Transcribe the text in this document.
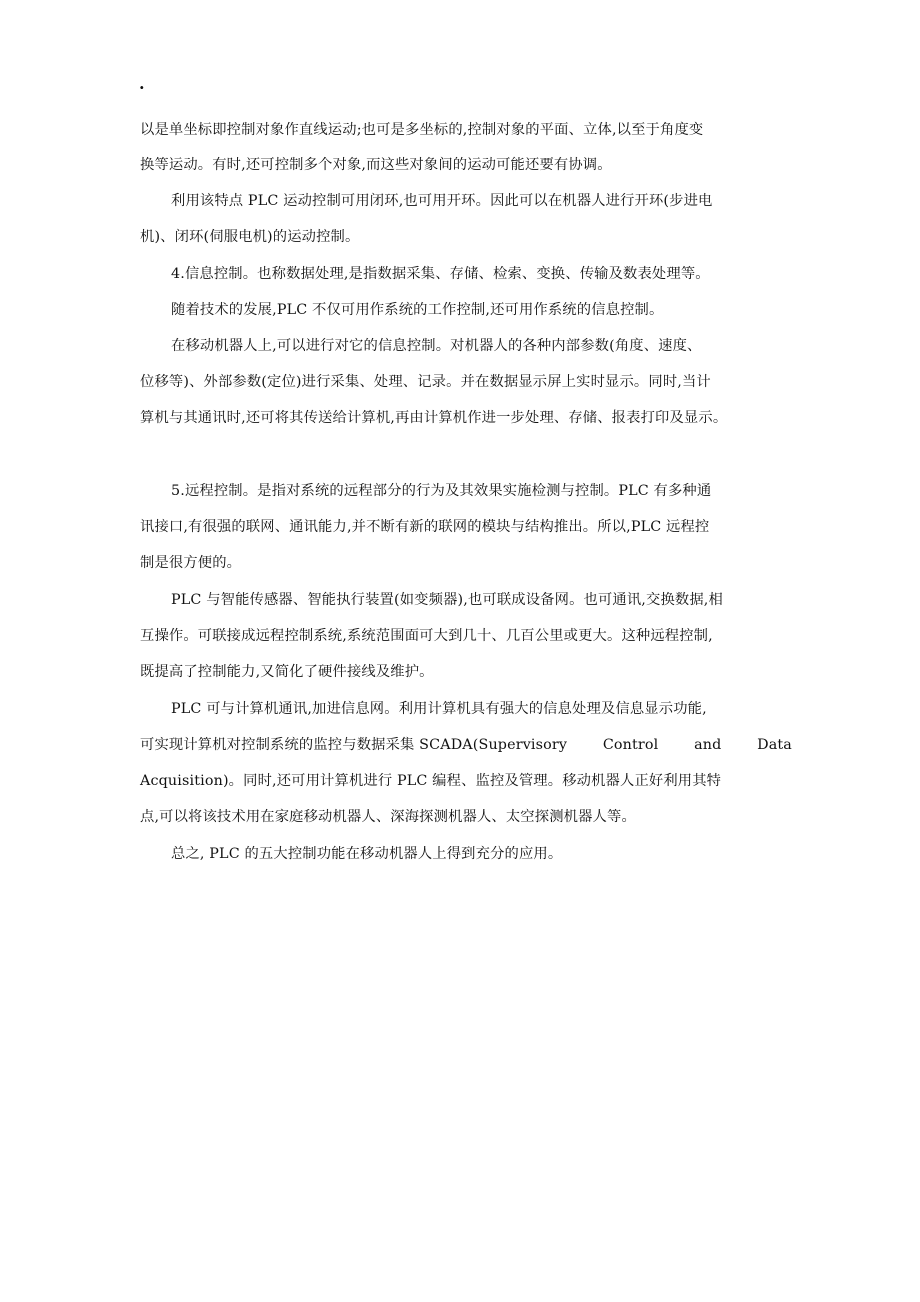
.
以是单坐标即控制对象作直线运动;也可是多坐标的,控制对象的平面、立体,以至于角度变
换等运动。有时,还可控制多个对象,而这些对象间的运动可能还要有协调。
利用该特点 PLC 运动控制可用闭环,也可用开环。因此可以在机器人进行开环(步进电
机)、闭环(伺服电机)的运动控制。
4.信息控制。也称数据处理,是指数据采集、存储、检索、变换、传输及数表处理等。
随着技术的发展,PLC 不仅可用作系统的工作控制,还可用作系统的信息控制。
在移动机器人上,可以进行对它的信息控制。对机器人的各种内部参数(角度、速度、
位移等)、外部参数(定位)进行采集、处理、记录。并在数据显示屏上实时显示。同时,当计
算机与其通讯时,还可将其传送给计算机,再由计算机作进一步处理、存储、报表打印及显示。
5.远程控制。是指对系统的远程部分的行为及其效果实施检测与控制。PLC 有多种通
讯接口,有很强的联网、通讯能力,并不断有新的联网的模块与结构推出。所以,PLC 远程控
制是很方便的。
PLC 与智能传感器、智能执行装置(如变频器),也可联成设备网。也可通讯,交换数据,相
互操作。可联接成远程控制系统,系统范围面可大到几十、几百公里或更大。这种远程控制,
既提高了控制能力,又简化了硬件接线及维护。
PLC 可与计算机通讯,加进信息网。利用计算机具有强大的信息处理及信息显示功能,
可实现计算机对控制系统的监控与数据采集 SCADA(Supervisory Control and Data
Acquisition)。同时,还可用计算机进行 PLC 编程、监控及管理。移动机器人正好利用其特
点,可以将该技术用在家庭移动机器人、深海探测机器人、太空探测机器人等。
总之, PLC 的五大控制功能在移动机器人上得到充分的应用。
